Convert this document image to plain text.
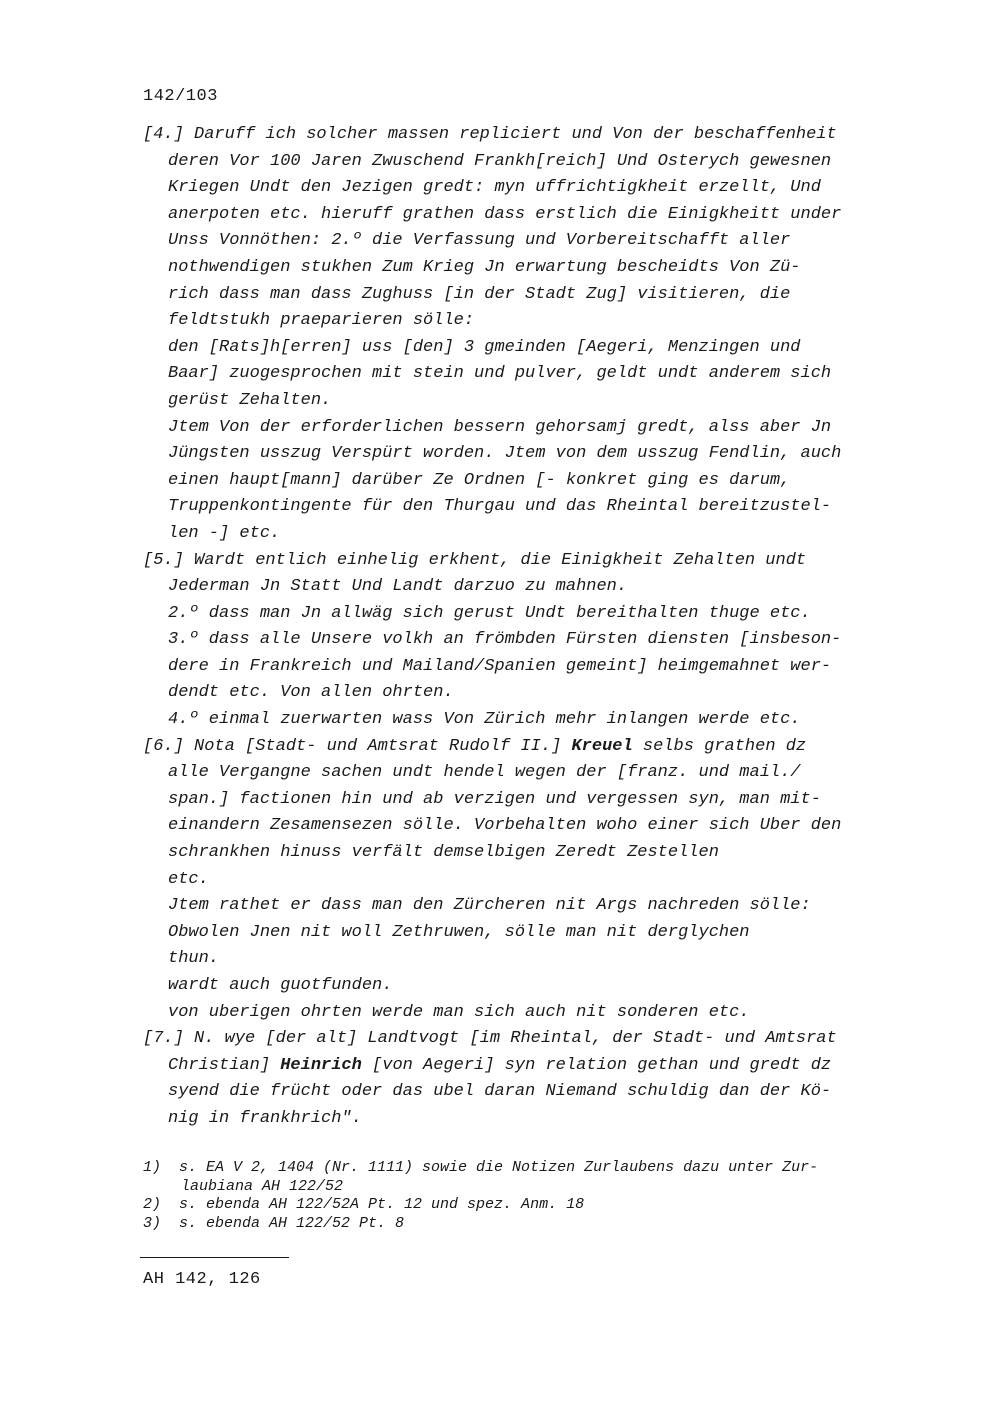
142/103
[4.] Daruff ich solcher massen repliciert und Von der beschaffenheit
deren Vor 100 Jaren Zwuschend Frankh[reich] Und Osterych gewesnen
Kriegen Undt den Jezigen gredt: myn uffrichtigkheit erzellt, Und
anerpoten etc. hieruff grathen dass erstlich die Einigkheitt under
Unss Vonnöthen: 2.º die Verfassung und Vorbereitschafft aller
nothwendigen stukhen Zum Krieg Jn erwartung bescheidts Von Zü-
rich dass man dass Zughuss [in der Stadt Zug] visitieren, die
feldtstukh praeparieren sölle:
den [Rats]h[erren] uss [den] 3 gmeinden [Aegeri, Menzingen und
Baar] zuogesprochen mit stein und pulver, geldt undt anderem sich
gerüst Zehalten.
Jtem Von der erforderlichen bessern gehorsamj gredt, alss aber Jn
Jüngsten usszug Verspürt worden. Jtem von dem usszug Fendlin, auch
einen haupt[mann] darüber Ze Ordnen [- konkret ging es darum,
Truppenkontingente für den Thurgau und das Rheintal bereitzustel-
len -] etc.
[5.] Wardt entlich einhelig erkhent, die Einigkheit Zehalten undt
Jederman Jn Statt Und Landt darzuo zu mahnen.
2.º dass man Jn allwäg sich gerust Undt bereithalten thuge etc.
3.º dass alle Unsere volkh an frömbden Fürsten diensten [insbeson-
dere in Frankreich und Mailand/Spanien gemeint] heimgemahnet wer-
dendt etc. Von allen ohrten.
4.º einmal zuerwarten wass Von Zürich mehr inlangen werde etc.
[6.] Nota [Stadt- und Amtsrat Rudolf II.] Kreuel selbs grathen dz
alle Vergangne sachen undt hendel wegen der [franz. und mail./
span.] factionen hin und ab verzigen und vergessen syn, man mit-
einandern Zesamensezen sölle. Vorbehalten woho einer sich Uber den
schrankhen hinuss verfält demselbigen Zeredt Zestellen
etc.
Jtem rathet er dass man den Zürcheren nit Args nachreden sölle:
Obwolen Jnen nit woll Zethruwen, sölle man nit derglychen
thun.
wardt auch guotfunden.
von uberigen ohrten werde man sich auch nit sonderen etc.
[7.] N. wye [der alt] Landtvogt [im Rheintal, der Stadt- und Amtsrat
Christian] Heinrich [von Aegeri] syn relation gethan und gredt dz
syend die frücht oder das ubel daran Niemand schuldig dan der Kö-
nig in frankhrich".
1)  s. EA V 2, 1404 (Nr. 1111) sowie die Notizen Zurlaubens dazu unter Zur-
laubiana AH 122/52
2)  s. ebenda AH 122/52A Pt. 12 und spez. Anm. 18
3)  s. ebenda AH 122/52 Pt. 8
AH 142, 126
